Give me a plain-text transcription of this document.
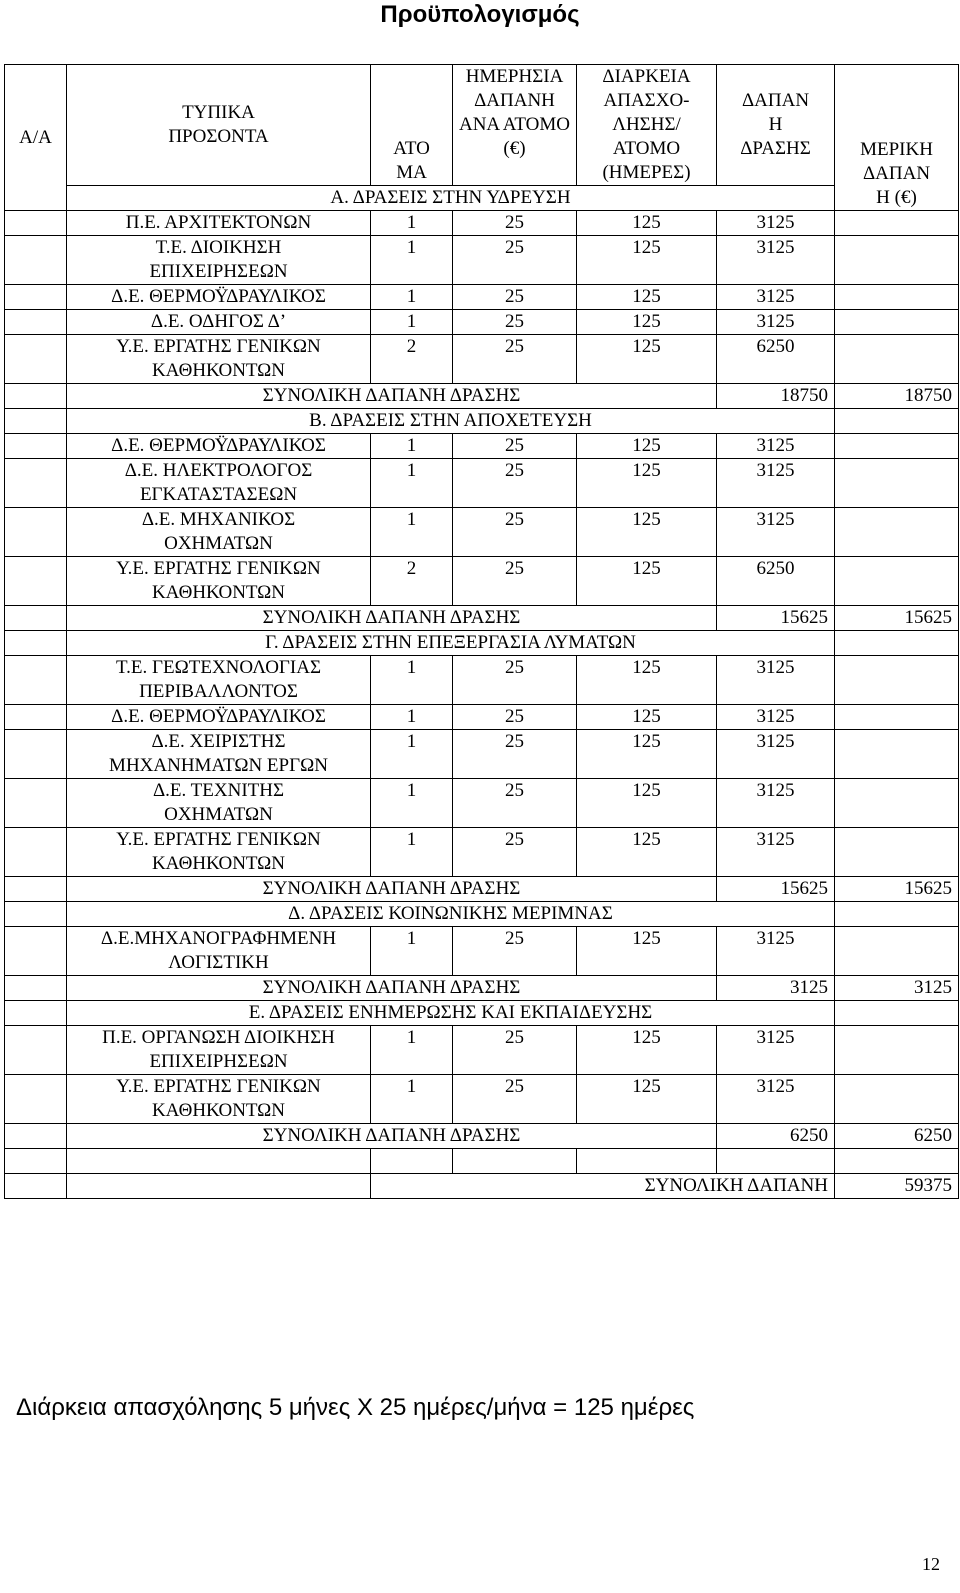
Προϋπολογισμός
Α/Α	ΤΥΠΙΚΑ ΠΡΟΣΟΝΤΑ	ΑΤΟ ΜΑ	ΗΜΕΡΗΣΙΑ ΔΑΠΑΝΗ ΑΝΑ ΑΤΟΜΟ (€)	ΔΙΑΡΚΕΙΑ ΑΠΑΣΧΟ- ΛΗΣΗΣ/ ΑΤΟΜΟ (ΗΜΕΡΕΣ)	ΔΑΠΑΝ Η ΔΡΑΣΗΣ	ΜΕΡΙΚΗ ΔΑΠΑΝ Η (€)
	Α. ΔΡΑΣΕΙΣ ΣΤΗΝ ΥΔΡΕΥΣΗ					
	Π.Ε. ΑΡΧΙΤΕΚΤΟΝΩΝ	1	25	125	3125	
	Τ.Ε. ΔΙΟΙΚΗΣΗ ΕΠΙΧΕΙΡΗΣΕΩΝ	1	25	125	3125	
	Δ.Ε. ΘΕΡΜΟΫΔΡΑΥΛΙΚΟΣ	1	25	125	3125	
	Δ.Ε. ΟΔΗΓΟΣ Δ’	1	25	125	3125	
	Υ.Ε. ΕΡΓΑΤΗΣ ΓΕΝΙΚΩΝ ΚΑΘΗΚΟΝΤΩΝ	2	25	125	6250	
	ΣΥΝΟΛΙΚΗ ΔΑΠΑΝΗ ΔΡΑΣΗΣ				18750	18750
	Β. ΔΡΑΣΕΙΣ ΣΤΗΝ ΑΠΟΧΕΤΕΥΣΗ					
	Δ.Ε. ΘΕΡΜΟΫΔΡΑΥΛΙΚΟΣ	1	25	125	3125	
	Δ.Ε. ΗΛΕΚΤΡΟΛΟΓΟΣ ΕΓΚΑΤΑΣΤΑΣΕΩΝ	1	25	125	3125	
	Δ.Ε. ΜΗΧΑΝΙΚΟΣ ΟΧΗΜΑΤΩΝ	1	25	125	3125	
	Υ.Ε. ΕΡΓΑΤΗΣ ΓΕΝΙΚΩΝ ΚΑΘΗΚΟΝΤΩΝ	2	25	125	6250	
	ΣΥΝΟΛΙΚΗ ΔΑΠΑΝΗ ΔΡΑΣΗΣ				15625	15625
	Γ. ΔΡΑΣΕΙΣ ΣΤΗΝ ΕΠΕΞΕΡΓΑΣΙΑ ΛΥΜΑΤΩΝ					
	Τ.Ε. ΓΕΩΤΕΧΝΟΛΟΓΙΑΣ ΠΕΡΙΒΑΛΛΟΝΤΟΣ	1	25	125	3125	
	Δ.Ε. ΘΕΡΜΟΫΔΡΑΥΛΙΚΟΣ	1	25	125	3125	
	Δ.Ε. ΧΕΙΡΙΣΤΗΣ ΜΗΧΑΝΗΜΑΤΩΝ ΕΡΓΩΝ	1	25	125	3125	
	Δ.Ε. ΤΕΧΝΙΤΗΣ ΟΧΗΜΑΤΩΝ	1	25	125	3125	
	Υ.Ε. ΕΡΓΑΤΗΣ ΓΕΝΙΚΩΝ ΚΑΘΗΚΟΝΤΩΝ	1	25	125	3125	
	ΣΥΝΟΛΙΚΗ ΔΑΠΑΝΗ ΔΡΑΣΗΣ				15625	15625
	Δ. ΔΡΑΣΕΙΣ ΚΟΙΝΩΝΙΚΗΣ ΜΕΡΙΜΝΑΣ					
	Δ.Ε.ΜΗΧΑΝΟΓΡΑΦΗΜΕΝΗ ΛΟΓΙΣΤΙΚΗ	1	25	125	3125	
	ΣΥΝΟΛΙΚΗ ΔΑΠΑΝΗ ΔΡΑΣΗΣ				3125	3125
	Ε. ΔΡΑΣΕΙΣ ΕΝΗΜΕΡΩΣΗΣ ΚΑΙ ΕΚΠΑΙΔΕΥΣΗΣ					
	Π.Ε. ΟΡΓΑΝΩΣΗ ΔΙΟΙΚΗΣΗ ΕΠΙΧΕΙΡΗΣΕΩΝ	1	25	125	3125	
	Υ.Ε. ΕΡΓΑΤΗΣ ΓΕΝΙΚΩΝ ΚΑΘΗΚΟΝΤΩΝ	1	25	125	3125	
	ΣΥΝΟΛΙΚΗ ΔΑΠΑΝΗ ΔΡΑΣΗΣ				6250	6250

		ΣΥΝΟΛΙΚΗ ΔΑΠΑΝΗ				59375
Διάρκεια απασχόλησης 5 μήνες Χ 25 ημέρες/μήνα = 125 ημέρες
12
